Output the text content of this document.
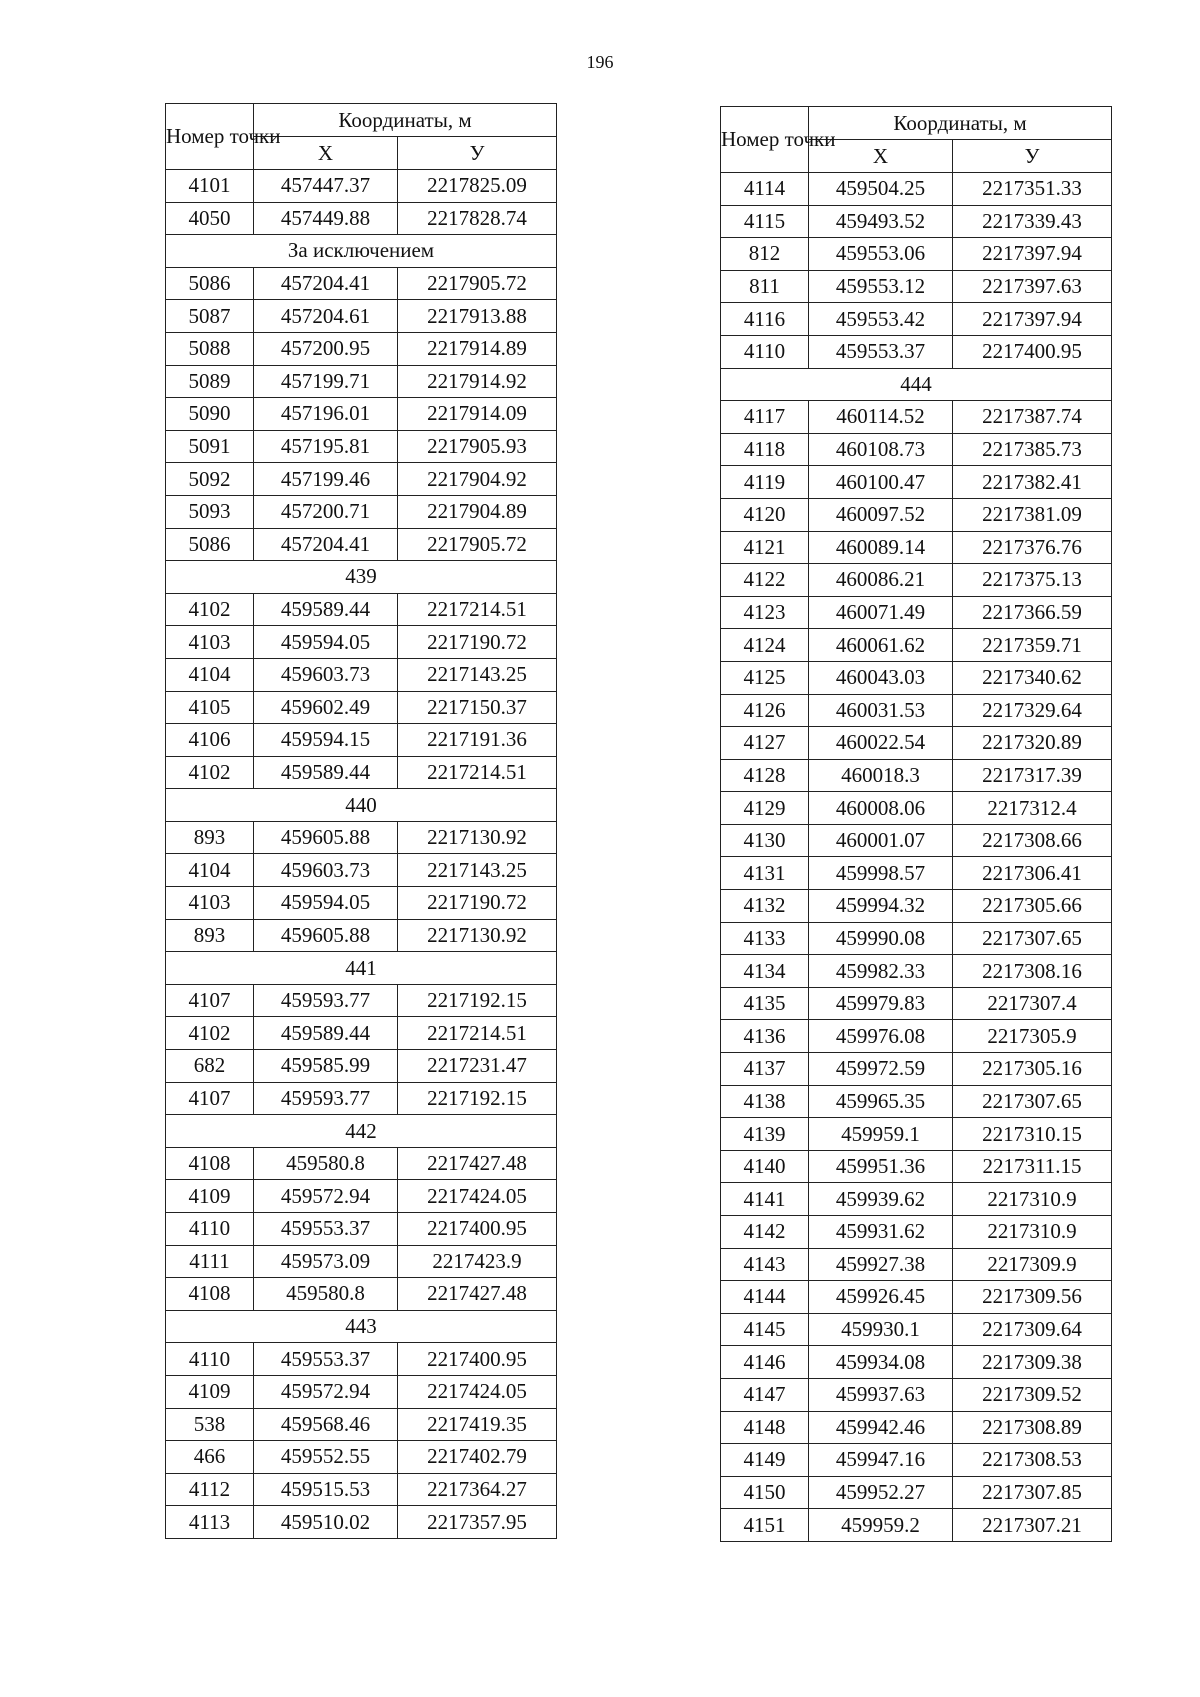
196
Номер точки	Координаты, м	
	Х	У
4101	457447.37	2217825.09
4050	457449.88	2217828.74
За исключением		
5086	457204.41	2217905.72
5087	457204.61	2217913.88
5088	457200.95	2217914.89
5089	457199.71	2217914.92
5090	457196.01	2217914.09
5091	457195.81	2217905.93
5092	457199.46	2217904.92
5093	457200.71	2217904.89
5086	457204.41	2217905.72
439		
4102	459589.44	2217214.51
4103	459594.05	2217190.72
4104	459603.73	2217143.25
4105	459602.49	2217150.37
4106	459594.15	2217191.36
4102	459589.44	2217214.51
440		
893	459605.88	2217130.92
4104	459603.73	2217143.25
4103	459594.05	2217190.72
893	459605.88	2217130.92
441		
4107	459593.77	2217192.15
4102	459589.44	2217214.51
682	459585.99	2217231.47
4107	459593.77	2217192.15
442		
4108	459580.8	2217427.48
4109	459572.94	2217424.05
4110	459553.37	2217400.95
4111	459573.09	2217423.9
4108	459580.8	2217427.48
443		
4110	459553.37	2217400.95
4109	459572.94	2217424.05
538	459568.46	2217419.35
466	459552.55	2217402.79
4112	459515.53	2217364.27
4113	459510.02	2217357.95
Номер точки	Координаты, м	
	Х	У
4114	459504.25	2217351.33
4115	459493.52	2217339.43
812	459553.06	2217397.94
811	459553.12	2217397.63
4116	459553.42	2217397.94
4110	459553.37	2217400.95
444		
4117	460114.52	2217387.74
4118	460108.73	2217385.73
4119	460100.47	2217382.41
4120	460097.52	2217381.09
4121	460089.14	2217376.76
4122	460086.21	2217375.13
4123	460071.49	2217366.59
4124	460061.62	2217359.71
4125	460043.03	2217340.62
4126	460031.53	2217329.64
4127	460022.54	2217320.89
4128	460018.3	2217317.39
4129	460008.06	2217312.4
4130	460001.07	2217308.66
4131	459998.57	2217306.41
4132	459994.32	2217305.66
4133	459990.08	2217307.65
4134	459982.33	2217308.16
4135	459979.83	2217307.4
4136	459976.08	2217305.9
4137	459972.59	2217305.16
4138	459965.35	2217307.65
4139	459959.1	2217310.15
4140	459951.36	2217311.15
4141	459939.62	2217310.9
4142	459931.62	2217310.9
4143	459927.38	2217309.9
4144	459926.45	2217309.56
4145	459930.1	2217309.64
4146	459934.08	2217309.38
4147	459937.63	2217309.52
4148	459942.46	2217308.89
4149	459947.16	2217308.53
4150	459952.27	2217307.85
4151	459959.2	2217307.21
